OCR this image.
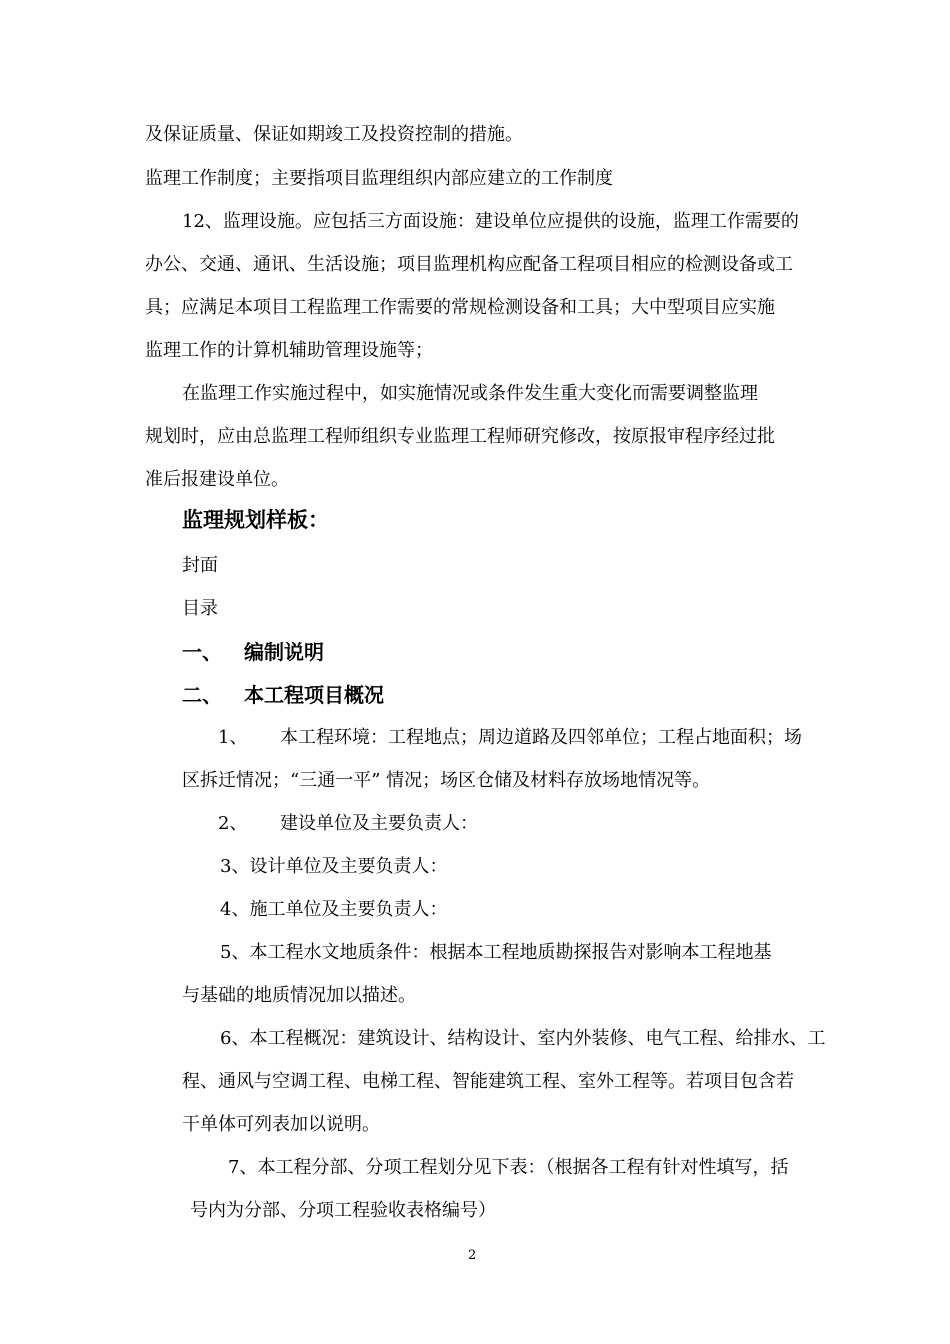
及保证质量、保证如期竣工及投资控制的措施。
监理工作制度；主要指项目监理组织内部应建立的工作制度
12、监理设施。应包括三方面设施：建设单位应提供的设施，监理工作需要的
办公、交通、通讯、生活设施；项目监理机构应配备工程项目相应的检测设备或工
具；应满足本项目工程监理工作需要的常规检测设备和工具；大中型项目应实施
监理工作的计算机辅助管理设施等；
在监理工作实施过程中，如实施情况或条件发生重大变化而需要调整监理
规划时，应由总监理工程师组织专业监理工程师研究修改，按原报审程序经过批
准后报建设单位。
监理规划样板：
封面
目录
一、 编制说明
二、 本工程项目概况
1、 本工程环境：工程地点；周边道路及四邻单位；工程占地面积；场
区拆迁情况；“三通一平” 情况；场区仓储及材料存放场地情况等。
2、 建设单位及主要负责人：
3、设计单位及主要负责人：
4、施工单位及主要负责人：
5、本工程水文地质条件：根据本工程地质勘探报告对影响本工程地基
与基础的地质情况加以描述。
6、本工程概况：建筑设计、结构设计、室内外装修、电气工程、给排水、工
程、通风与空调工程、电梯工程、智能建筑工程、室外工程等。若项目包含若
干单体可列表加以说明。
7、本工程分部、分项工程划分见下表：（根据各工程有针对性填写，括
号内为分部、分项工程验收表格编号）
2
